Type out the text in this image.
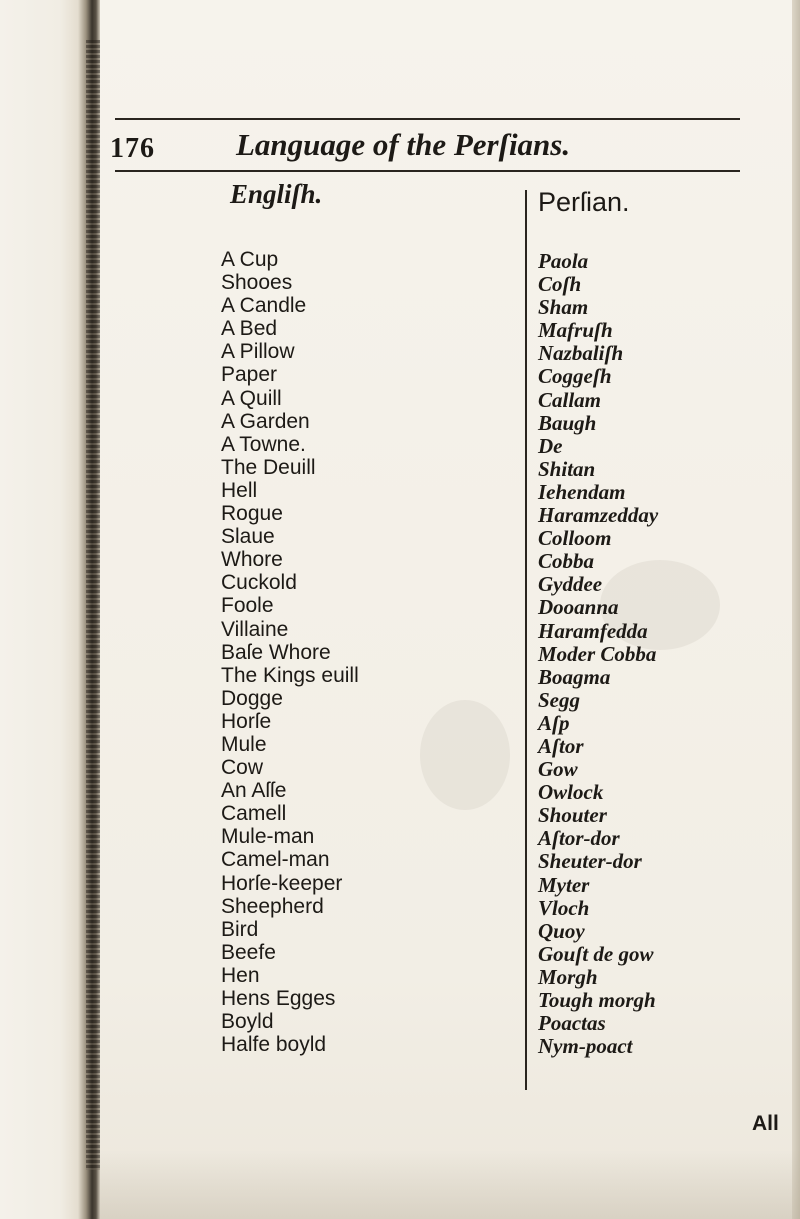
176	Language of the Perſians.
Engliſh.	Perſian.
A Cup
Shooes
A Candle
A Bed
A Pillow
Paper
A Quill
A Garden
A Towne.
The Deuill
Hell
Rogue
Slaue
Whore
Cuckold
Foole
Villaine
Baſe Whore
The Kings euill
Dogge
Horſe
Mule
Cow
An Aſſe
Camell
Mule-man
Camel-man
Horſe-keeper
Sheepherd
Bird
Beefe
Hen
Hens Egges
Boyld
Halfe boyld
Paola
Coſh
Sham
Mafruſh
Nazbaliſh
Coggeſh
Callam
Baugh
De
Shitan
Iehendam
Haramzedday
Colloom
Cobba
Gyddee
Dooanna
Haramfedda
Moder Cobba
Boagma
Segg
Aſp
Aſtor
Gow
Owlock
Shouter
Aſtor-dor
Sheuter-dor
Myter
Vloch
Quoy
Gouſt de gow
Morgh
Tough morgh
Poactas
Nym-poact
All
